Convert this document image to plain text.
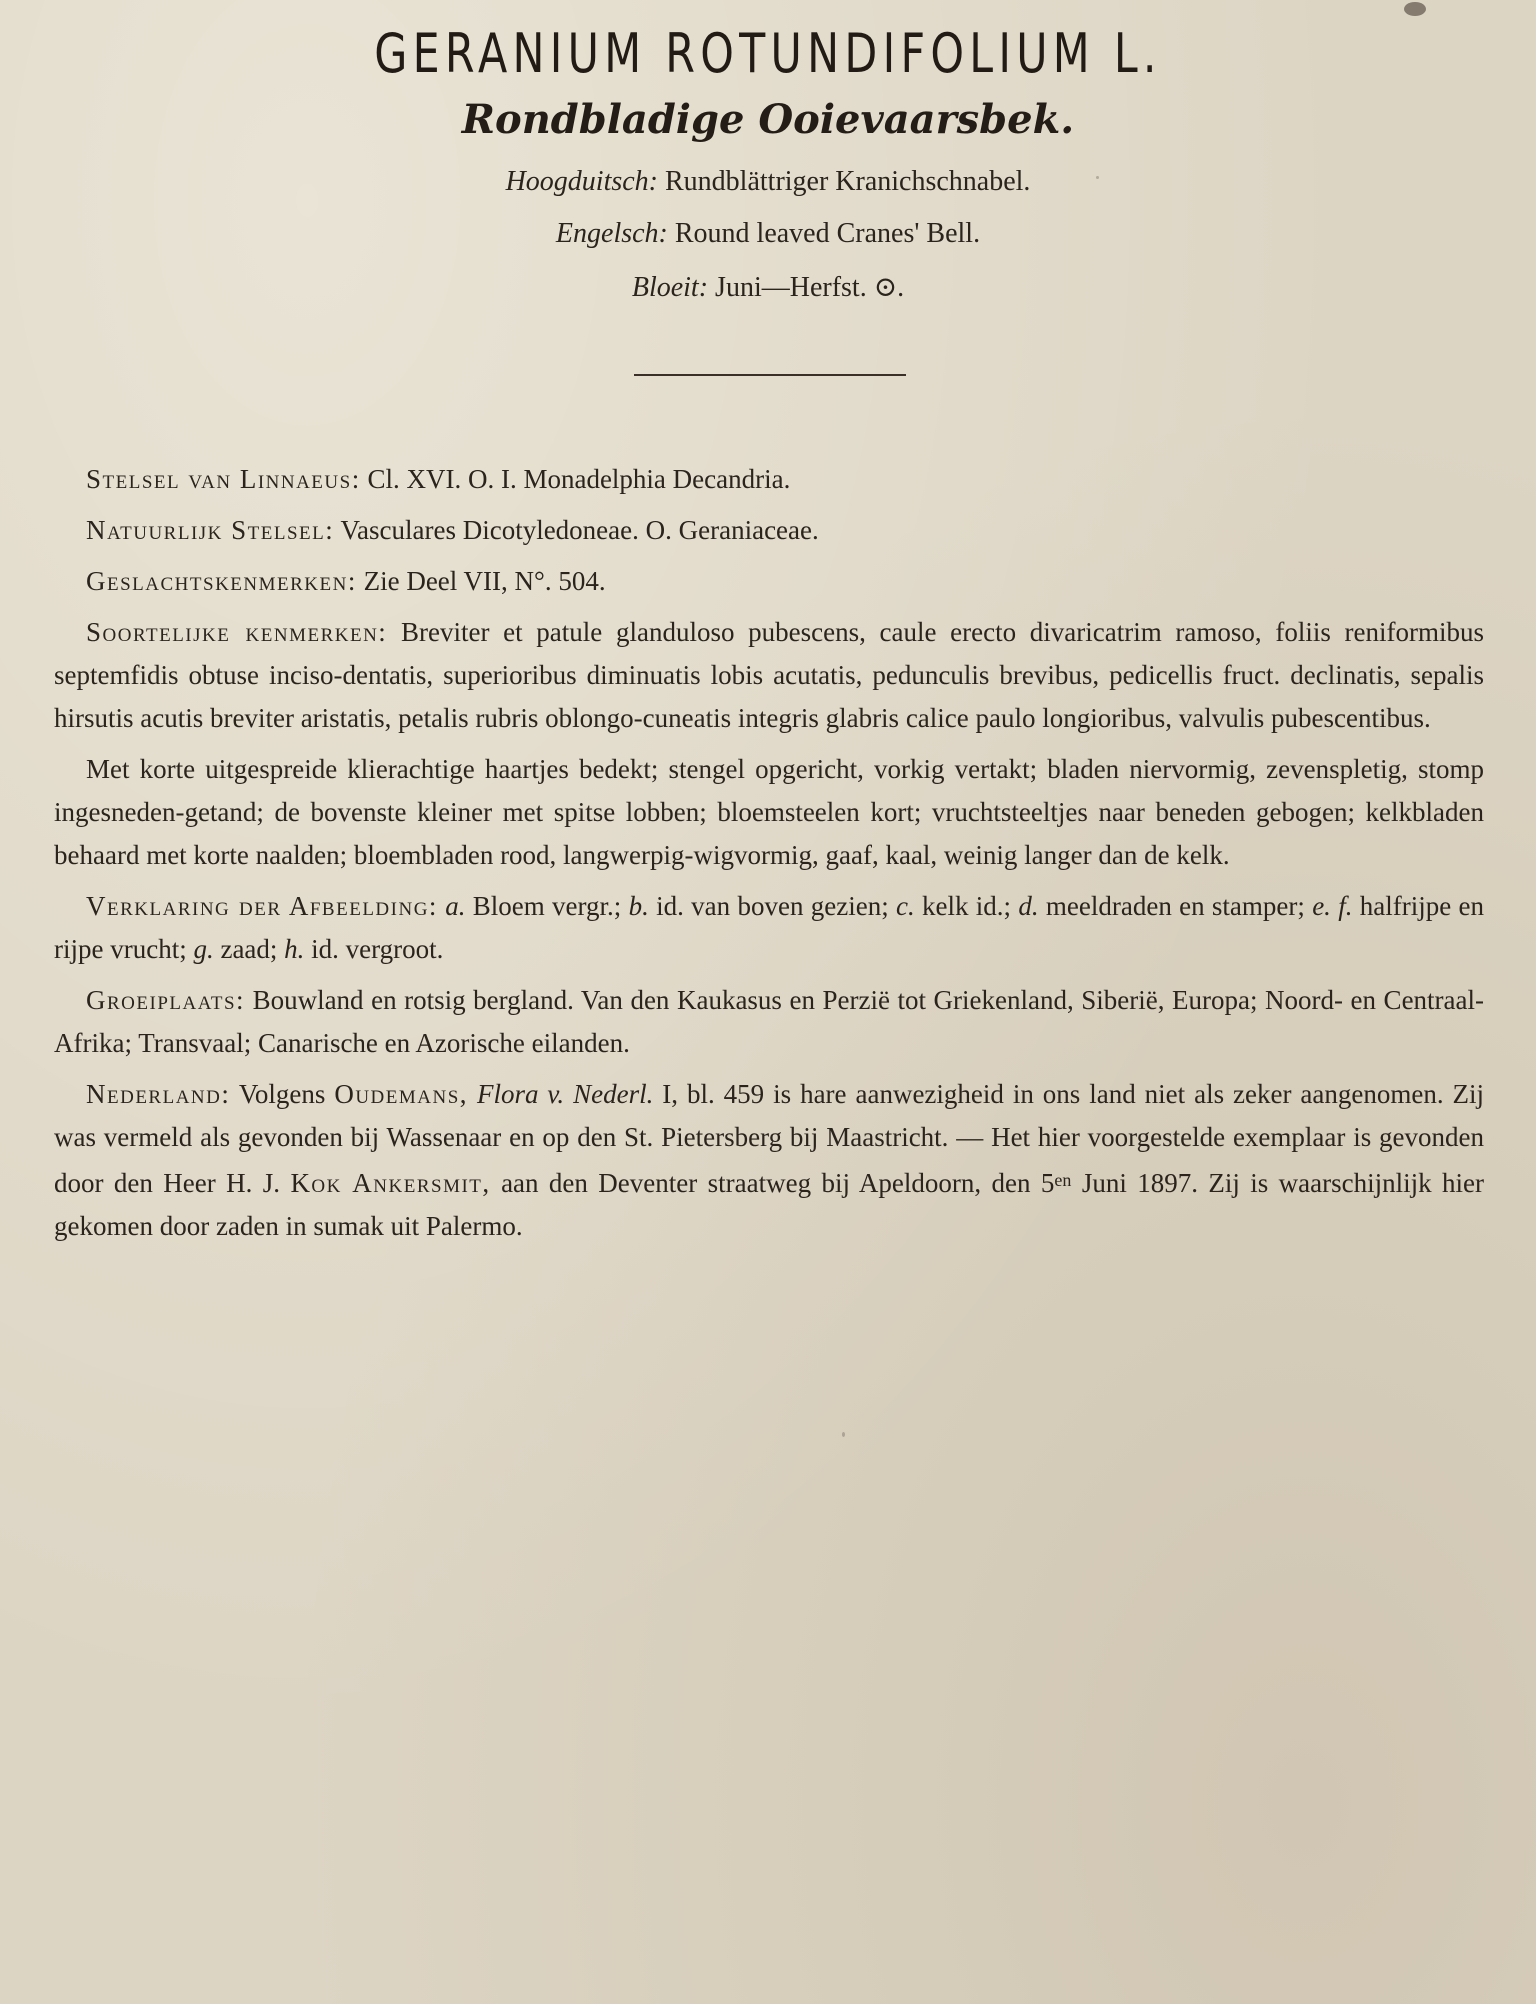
GERANIUM ROTUNDIFOLIUM L.
Rondbladige Ooievaarsbek.
Hoogduitsch: Rundblättriger Kranichschnabel.
Engelsch: Round leaved Cranes' Bell.
Bloeit: Juni—Herfst. ⊙.

Stelsel van Linnaeus: Cl. XVI. O. I. Monadelphia Decandria.

Natuurlijk Stelsel: Vasculares Dicotyledoneae. O. Geraniaceae.

Geslachtskenmerken: Zie Deel VII, N°. 504.

Soortelijke kenmerken: Breviter et patule glanduloso pubescens, caule erecto divaricatrim ramoso, foliis reniformibus septemfidis obtuse inciso-dentatis, superioribus diminuatis lobis acutatis, pedunculis brevibus, pedicellis fruct. declinatis, sepalis hirsutis acutis breviter aristatis, petalis rubris oblongo-cuneatis integris glabris calice paulo longioribus, valvulis pubescentibus.

Met korte uitgespreide klierachtige haartjes bedekt; stengel opgericht, vorkig vertakt; bladen niervormig, zevenspletig, stomp ingesneden-getand; de bovenste kleiner met spitse lobben; bloemsteelen kort; vruchtsteeltjes naar beneden gebogen; kelkbladen behaard met korte naalden; bloembladen rood, langwerpig-wigvormig, gaaf, kaal, weinig langer dan de kelk.

Verklaring der Afbeelding: a. Bloem vergr.; b. id. van boven gezien; c. kelk id.; d. meeldraden en stamper; e. f. halfrijpe en rijpe vrucht; g. zaad; h. id. vergroot.

Groeiplaats: Bouwland en rotsig bergland. Van den Kaukasus en Perzië tot Griekenland, Siberië, Europa; Noord- en Centraal-Afrika; Transvaal; Canarische en Azorische eilanden.

Nederland: Volgens Oudemans, Flora v. Nederl. I, bl. 459 is hare aanwezigheid in ons land niet als zeker aangenomen. Zij was vermeld als gevonden bij Wassenaar en op den St. Pietersberg bij Maastricht. — Het hier voorgestelde exemplaar is gevonden door den Heer H. J. Kok Ankersmit, aan den Deventer straatweg bij Apeldoorn, den $5^{en}$ Juni 1897. Zij is waarschijnlijk hier gekomen door zaden in sumak uit Palermo.
